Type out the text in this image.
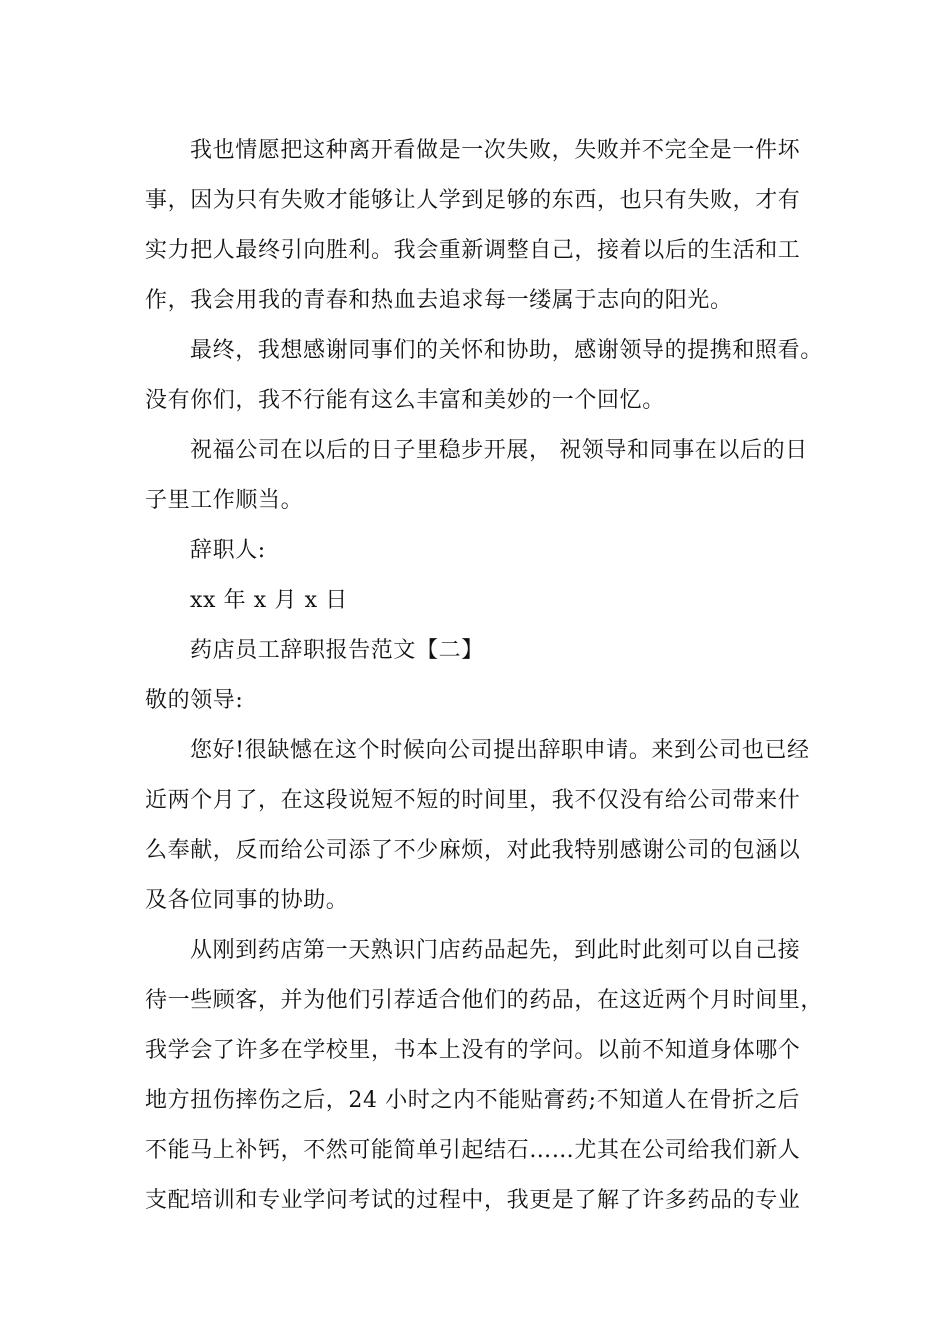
我也情愿把这种离开看做是一次失败，失败并不完全是一件坏
事，因为只有失败才能够让人学到足够的东西，也只有失败，才有
实力把人最终引向胜利。我会重新调整自己，接着以后的生活和工
作，我会用我的青春和热血去追求每一缕属于志向的阳光。
最终，我想感谢同事们的关怀和协助，感谢领导的提携和照看。
没有你们，我不行能有这么丰富和美妙的一个回忆。
祝福公司在以后的日子里稳步开展， 祝领导和同事在以后的日
子里工作顺当。
辞职人:
xx 年 x 月 x 日
药店员工辞职报告范文【二】
敬的领导:
您好!很缺憾在这个时候向公司提出辞职申请。来到公司也已经
近两个月了，在这段说短不短的时间里，我不仅没有给公司带来什
么奉献，反而给公司添了不少麻烦，对此我特别感谢公司的包涵以
及各位同事的协助。
从刚到药店第一天熟识门店药品起先，到此时此刻可以自己接
待一些顾客，并为他们引荐适合他们的药品，在这近两个月时间里，
我学会了许多在学校里，书本上没有的学问。以前不知道身体哪个
地方扭伤摔伤之后，24 小时之内不能贴膏药;不知道人在骨折之后
不能马上补钙，不然可能简单引起结石……尤其在公司给我们新人
支配培训和专业学问考试的过程中，我更是了解了许多药品的专业
